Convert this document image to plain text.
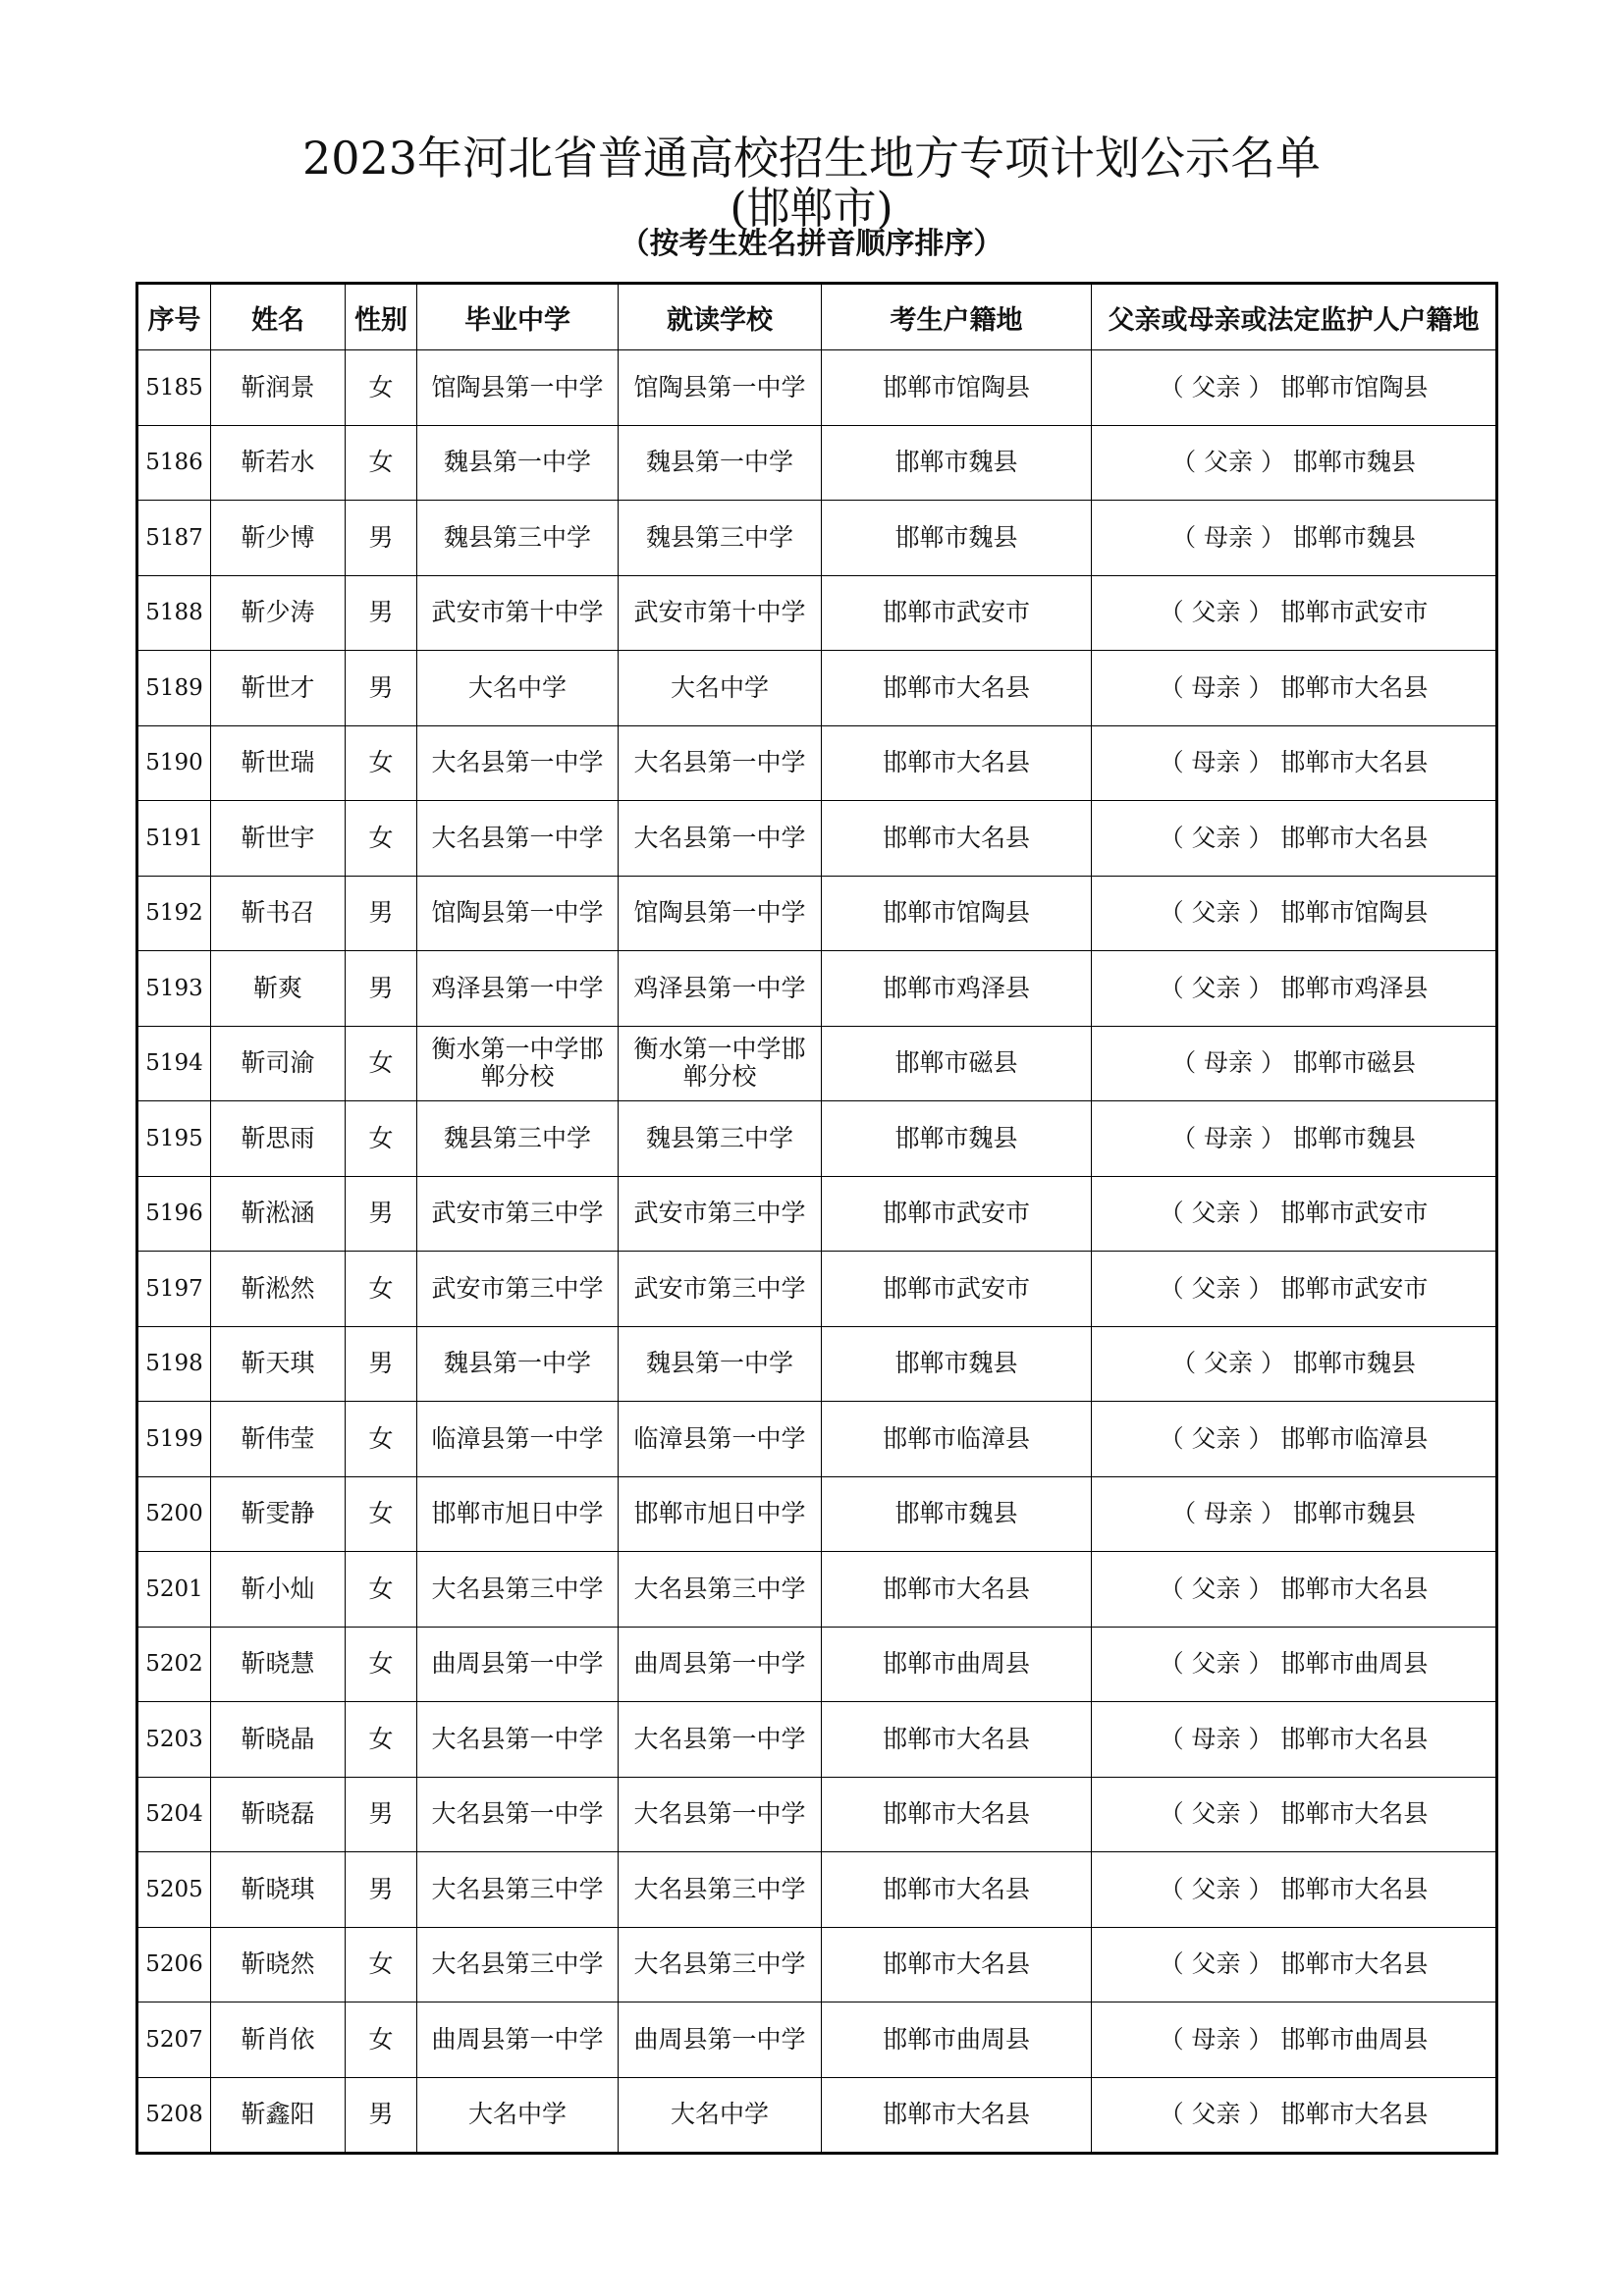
2023年河北省普通高校招生地方专项计划公示名单
(邯郸市)
（按考生姓名拼音顺序排序）
序号	姓名	性别	毕业中学	就读学校	考生户籍地	父亲或母亲或法定监护人户籍地
5185	靳润景	女	馆陶县第一中学	馆陶县第一中学	邯郸市馆陶县	（ 父亲 ） 邯郸市馆陶县
5186	靳若水	女	魏县第一中学	魏县第一中学	邯郸市魏县	（ 父亲 ） 邯郸市魏县
5187	靳少博	男	魏县第三中学	魏县第三中学	邯郸市魏县	（ 母亲 ） 邯郸市魏县
5188	靳少涛	男	武安市第十中学	武安市第十中学	邯郸市武安市	（ 父亲 ） 邯郸市武安市
5189	靳世才	男	大名中学	大名中学	邯郸市大名县	（ 母亲 ） 邯郸市大名县
5190	靳世瑞	女	大名县第一中学	大名县第一中学	邯郸市大名县	（ 母亲 ） 邯郸市大名县
5191	靳世宇	女	大名县第一中学	大名县第一中学	邯郸市大名县	（ 父亲 ） 邯郸市大名县
5192	靳书召	男	馆陶县第一中学	馆陶县第一中学	邯郸市馆陶县	（ 父亲 ） 邯郸市馆陶县
5193	靳爽	男	鸡泽县第一中学	鸡泽县第一中学	邯郸市鸡泽县	（ 父亲 ） 邯郸市鸡泽县
5194	靳司渝	女	衡水第一中学邯郸分校	衡水第一中学邯郸分校	邯郸市磁县	（ 母亲 ） 邯郸市磁县
5195	靳思雨	女	魏县第三中学	魏县第三中学	邯郸市魏县	（ 母亲 ） 邯郸市魏县
5196	靳淞涵	男	武安市第三中学	武安市第三中学	邯郸市武安市	（ 父亲 ） 邯郸市武安市
5197	靳淞然	女	武安市第三中学	武安市第三中学	邯郸市武安市	（ 父亲 ） 邯郸市武安市
5198	靳天琪	男	魏县第一中学	魏县第一中学	邯郸市魏县	（ 父亲 ） 邯郸市魏县
5199	靳伟莹	女	临漳县第一中学	临漳县第一中学	邯郸市临漳县	（ 父亲 ） 邯郸市临漳县
5200	靳雯静	女	邯郸市旭日中学	邯郸市旭日中学	邯郸市魏县	（ 母亲 ） 邯郸市魏县
5201	靳小灿	女	大名县第三中学	大名县第三中学	邯郸市大名县	（ 父亲 ） 邯郸市大名县
5202	靳晓慧	女	曲周县第一中学	曲周县第一中学	邯郸市曲周县	（ 父亲 ） 邯郸市曲周县
5203	靳晓晶	女	大名县第一中学	大名县第一中学	邯郸市大名县	（ 母亲 ） 邯郸市大名县
5204	靳晓磊	男	大名县第一中学	大名县第一中学	邯郸市大名县	（ 父亲 ） 邯郸市大名县
5205	靳晓琪	男	大名县第三中学	大名县第三中学	邯郸市大名县	（ 父亲 ） 邯郸市大名县
5206	靳晓然	女	大名县第三中学	大名县第三中学	邯郸市大名县	（ 父亲 ） 邯郸市大名县
5207	靳肖依	女	曲周县第一中学	曲周县第一中学	邯郸市曲周县	（ 母亲 ） 邯郸市曲周县
5208	靳鑫阳	男	大名中学	大名中学	邯郸市大名县	（ 父亲 ） 邯郸市大名县
